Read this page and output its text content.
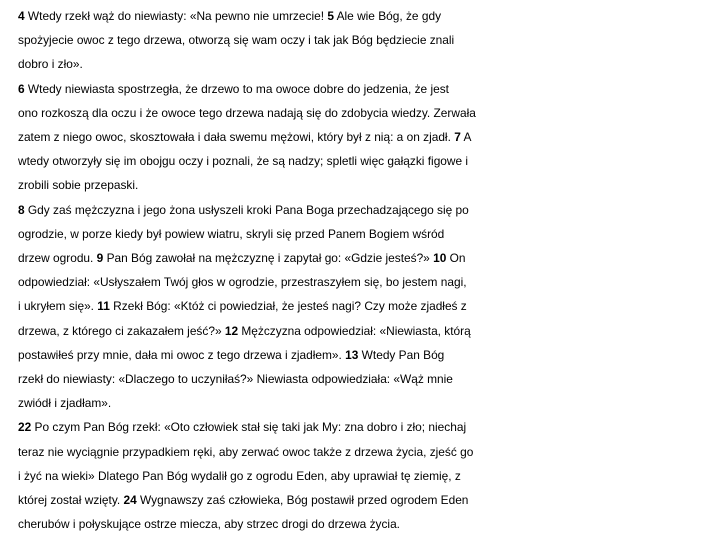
4 Wtedy rzekł wąż do niewiasty: «Na pewno nie umrzecie! 5 Ale wie Bóg, że gdy
spożyjecie owoc z tego drzewa, otworzą się wam oczy i tak jak Bóg będziecie znali
dobro i zło».
6 Wtedy niewiasta spostrzegła, że drzewo to ma owoce dobre do jedzenia, że jest
ono rozkoszą dla oczu i że owoce tego drzewa nadają się do zdobycia wiedzy. Zerwała
zatem z niego owoc, skosztowała i dała swemu mężowi, który był z nią: a on zjadł. 7 A
wtedy otworzyły się im obojgu oczy i poznali, że są nadzy; spletli więc gałązki figowe i
zrobili sobie przepaski.
8 Gdy zaś mężczyzna i jego żona usłyszeli kroki Pana Boga przechadzającego się po
ogrodzie, w porze kiedy był powiew wiatru, skryli się przed Panem Bogiem wśród
drzew ogrodu. 9 Pan Bóg zawołał na mężczyznę i zapytał go: «Gdzie jesteś?» 10 On
odpowiedział: «Usłyszałem Twój głos w ogrodzie, przestraszyłem się, bo jestem nagi,
i ukryłem się». 11 Rzekł Bóg: «Któż ci powiedział, że jesteś nagi? Czy może zjadłeś z
drzewa, z którego ci zakazałem jeść?» 12 Mężczyzna odpowiedział: «Niewiasta, którą
postawiłeś przy mnie, dała mi owoc z tego drzewa i zjadłem». 13 Wtedy Pan Bóg
rzekł do niewiasty: «Dlaczego to uczyniłaś?» Niewiasta odpowiedziała: «Wąż mnie
zwiódł i zjadłam».
22 Po czym Pan Bóg rzekł: «Oto człowiek stał się taki jak My: zna dobro i zło; niechaj
teraz nie wyciągnie przypadkiem ręki, aby zerwać owoc także z drzewa życia, zjeść go
i żyć na wieki» Dlatego Pan Bóg wydalił go z ogrodu Eden, aby uprawiał tę ziemię, z
której został wzięty. 24 Wygnawszy zaś człowieka, Bóg postawił przed ogrodem Eden
cherubów i połyskujące ostrze miecza, aby strzec drogi do drzewa życia.
